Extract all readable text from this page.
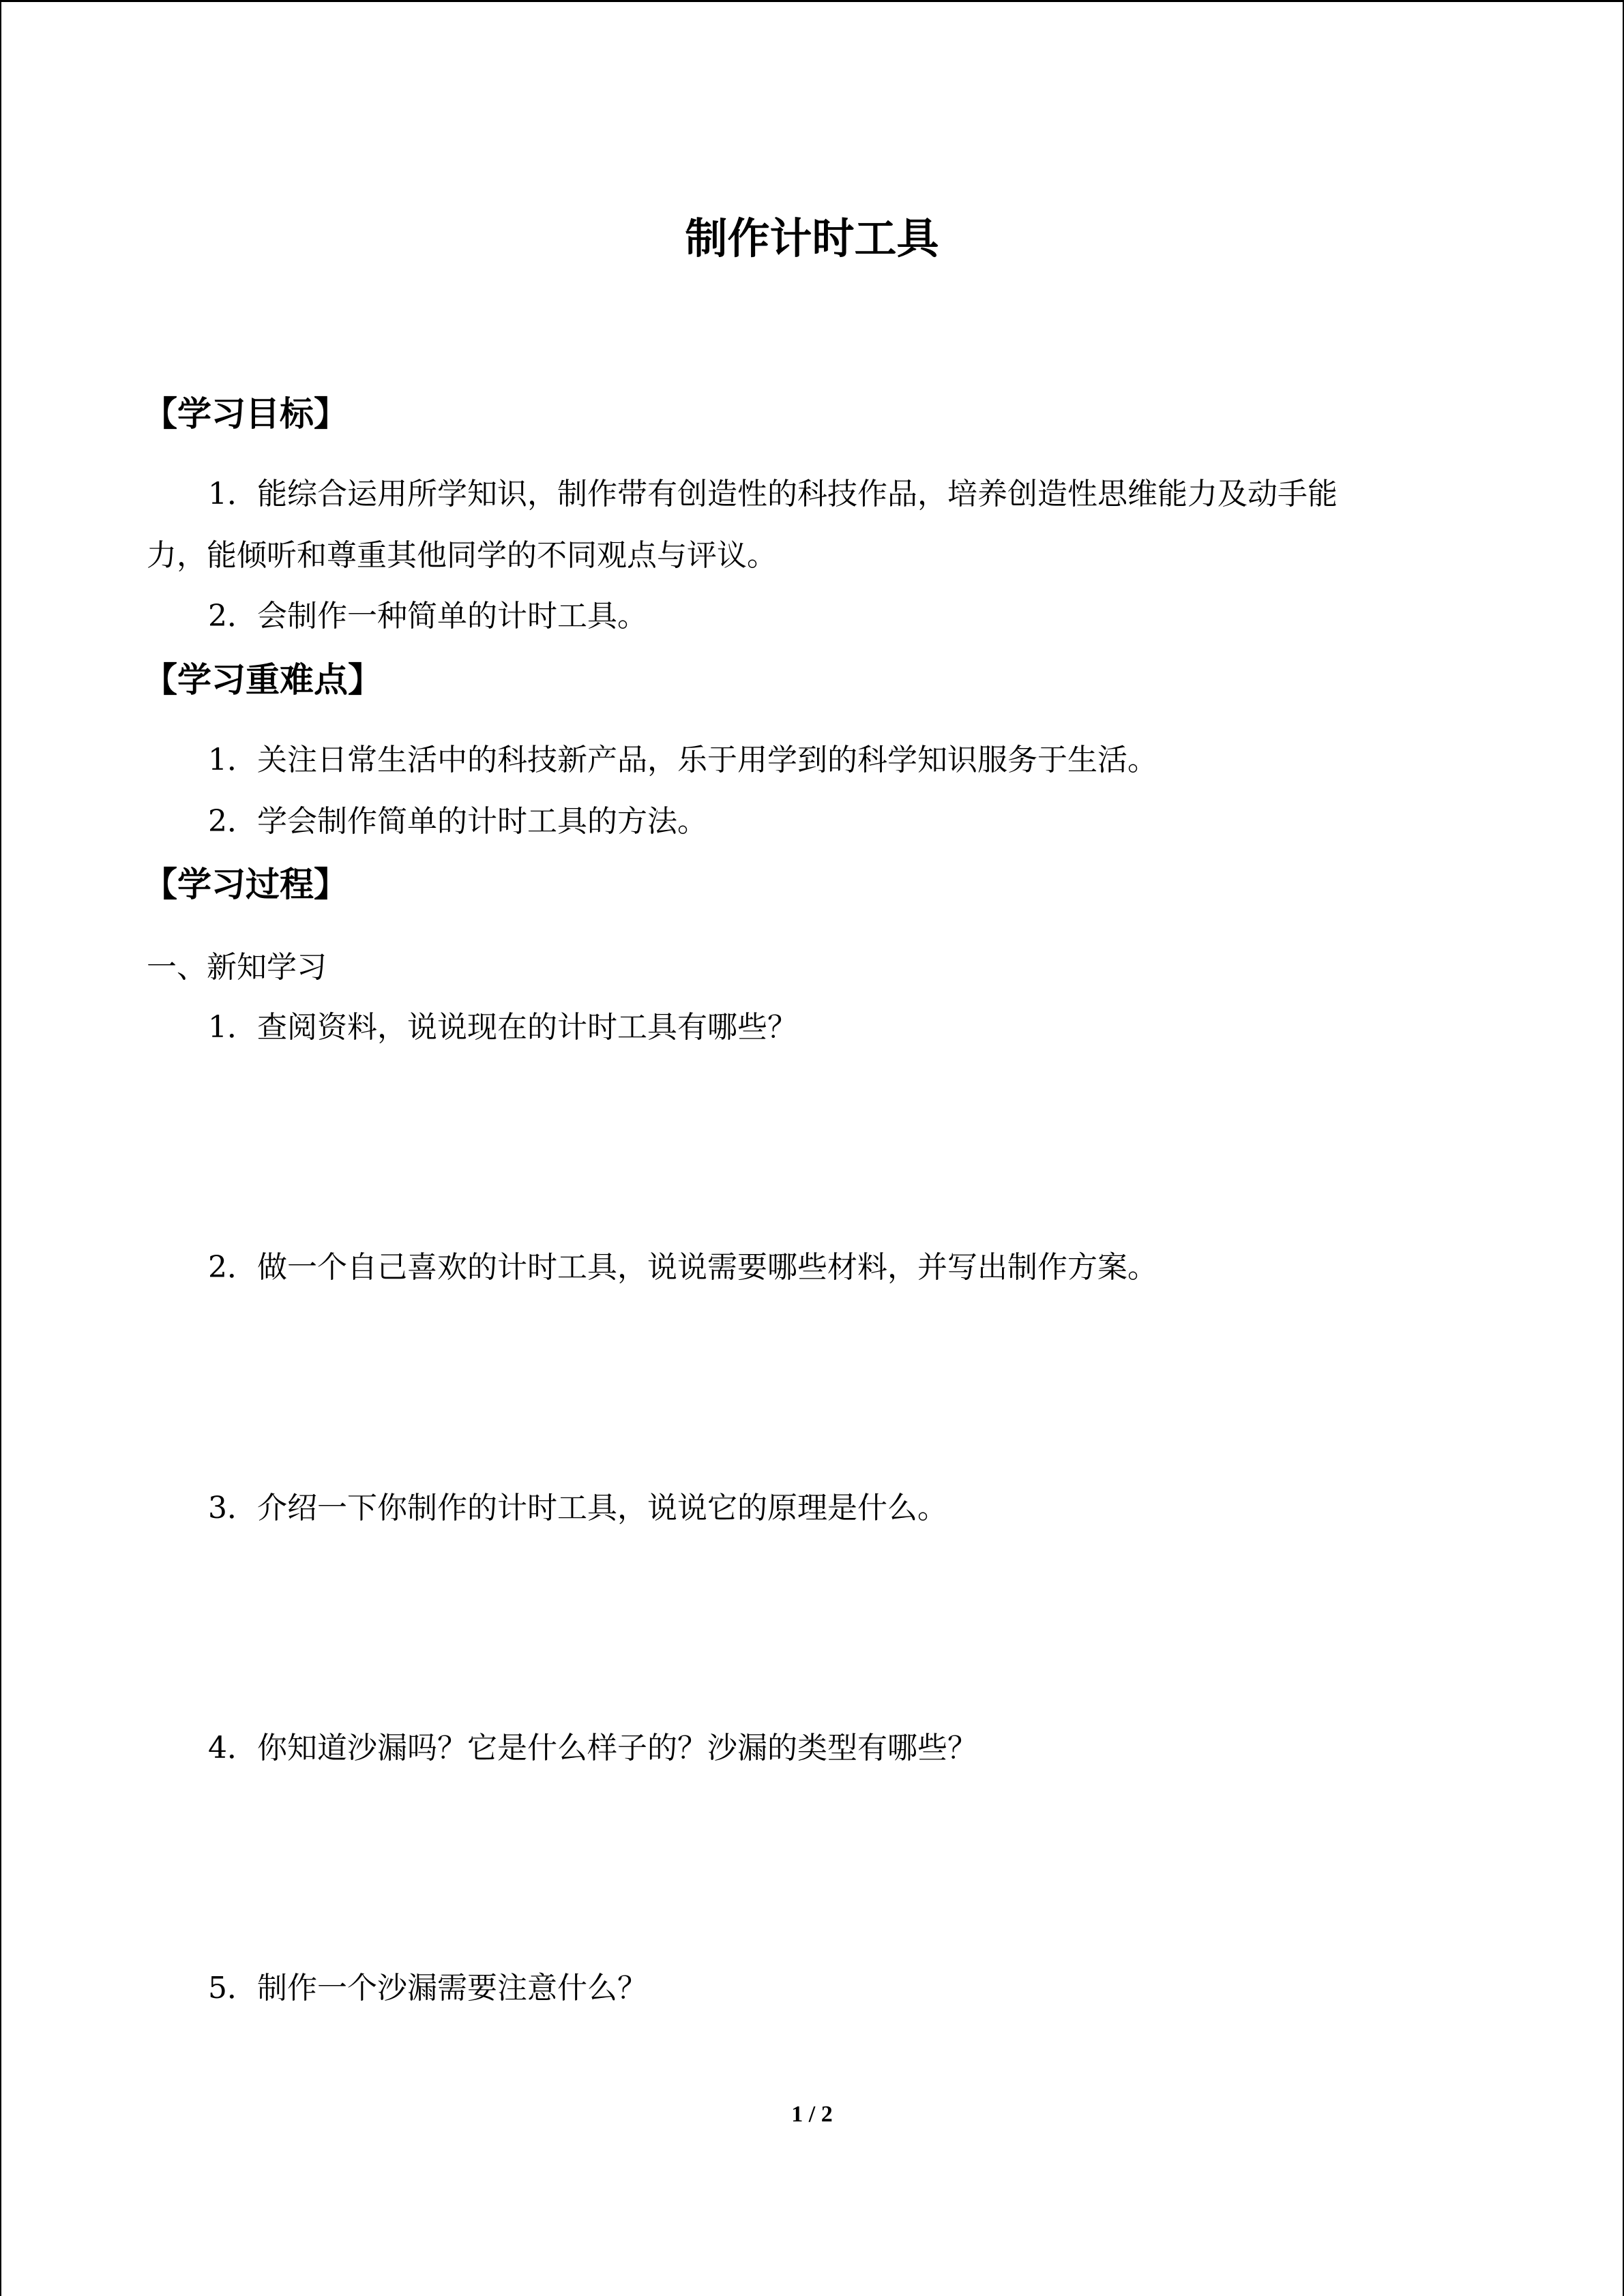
制作计时工具
【学习目标】
1．能综合运用所学知识，制作带有创造性的科技作品，培养创造性思维能力及动手能
力，能倾听和尊重其他同学的不同观点与评议。
2．会制作一种简单的计时工具。
【学习重难点】
1．关注日常生活中的科技新产品，乐于用学到的科学知识服务于生活。
2．学会制作简单的计时工具的方法。
【学习过程】
一、新知学习
1．查阅资料，说说现在的计时工具有哪些？
2．做一个自己喜欢的计时工具，说说需要哪些材料，并写出制作方案。
3．介绍一下你制作的计时工具，说说它的原理是什么。
4．你知道沙漏吗？它是什么样子的？沙漏的类型有哪些？
5．制作一个沙漏需要注意什么？
1 / 2
